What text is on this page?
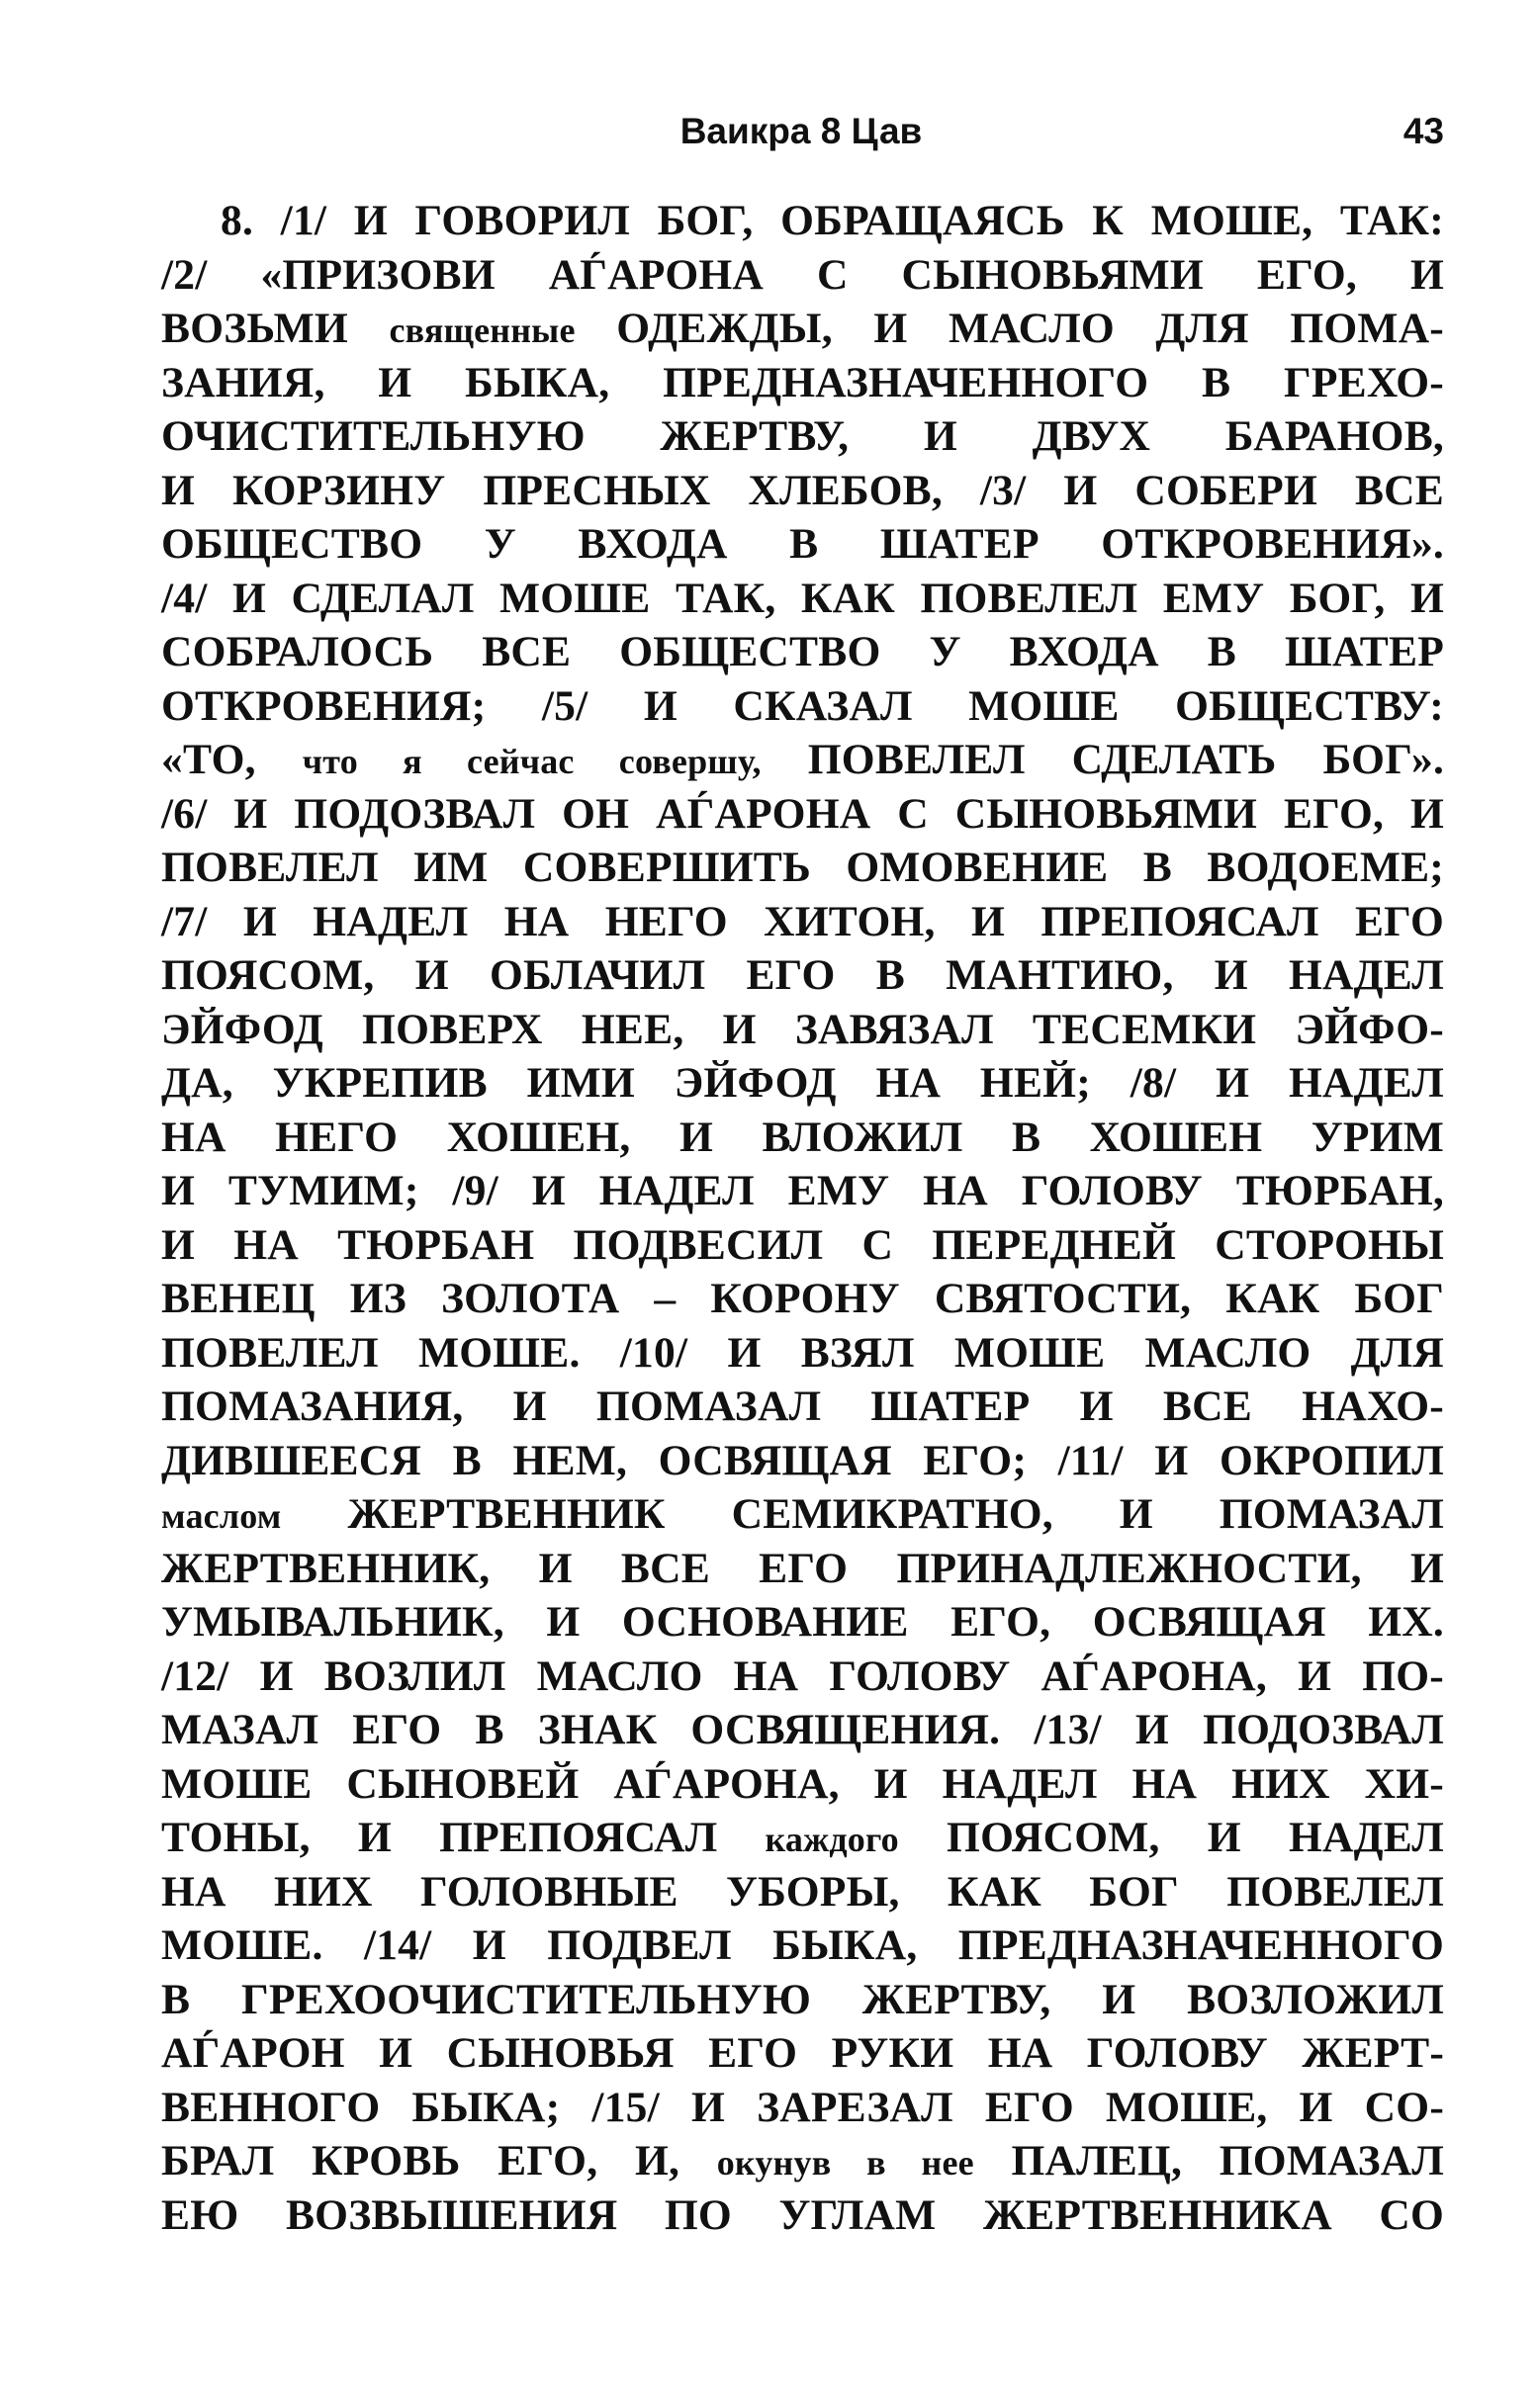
Ваикра 8 Цав	43
8. /1/ И ГОВОРИЛ БОГ, ОБРАЩАЯСЬ К МОШЕ, ТАК:
/2/ «ПРИЗОВИ АЃАРОНА С СЫНОВЬЯМИ ЕГО, И
ВОЗЬМИ священные ОДЕЖДЫ, И МАСЛО ДЛЯ ПОМА-
ЗАНИЯ, И БЫКА, ПРЕДНАЗНАЧЕННОГО В ГРЕХО-
ОЧИСТИТЕЛЬНУЮ ЖЕРТВУ, И ДВУХ БАРАНОВ,
И КОРЗИНУ ПРЕСНЫХ ХЛЕБОВ, /3/ И СОБЕРИ ВСЕ
ОБЩЕСТВО У ВХОДА В ШАТЕР ОТКРОВЕНИЯ».
/4/ И СДЕЛАЛ МОШЕ ТАК, КАК ПОВЕЛЕЛ ЕМУ БОГ, И
СОБРАЛОСЬ ВСЕ ОБЩЕСТВО У ВХОДА В ШАТЕР
ОТКРОВЕНИЯ; /5/ И СКАЗАЛ МОШЕ ОБЩЕСТВУ:
«ТО, что я сейчас совершу, ПОВЕЛЕЛ СДЕЛАТЬ БОГ».
/6/ И ПОДОЗВАЛ ОН АЃАРОНА С СЫНОВЬЯМИ ЕГО, И
ПОВЕЛЕЛ ИМ СОВЕРШИТЬ ОМОВЕНИЕ В ВОДОЕМЕ;
/7/ И НАДЕЛ НА НЕГО ХИТОН, И ПРЕПОЯСАЛ ЕГО
ПОЯСОМ, И ОБЛАЧИЛ ЕГО В МАНТИЮ, И НАДЕЛ
ЭЙФОД ПОВЕРХ НЕЕ, И ЗАВЯЗАЛ ТЕСЕМКИ ЭЙФО-
ДА, УКРЕПИВ ИМИ ЭЙФОД НА НЕЙ; /8/ И НАДЕЛ
НА НЕГО ХОШЕН, И ВЛОЖИЛ В ХОШЕН УРИМ
И ТУМИМ; /9/ И НАДЕЛ ЕМУ НА ГОЛОВУ ТЮРБАН,
И НА ТЮРБАН ПОДВЕСИЛ С ПЕРЕДНЕЙ СТОРОНЫ
ВЕНЕЦ ИЗ ЗОЛОТА – КОРОНУ СВЯТОСТИ, КАК БОГ
ПОВЕЛЕЛ МОШЕ. /10/ И ВЗЯЛ МОШЕ МАСЛО ДЛЯ
ПОМАЗАНИЯ, И ПОМАЗАЛ ШАТЕР И ВСЕ НАХО-
ДИВШЕЕСЯ В НЕМ, ОСВЯЩАЯ ЕГО; /11/ И ОКРОПИЛ
маслом ЖЕРТВЕННИК СЕМИКРАТНО, И ПОМАЗАЛ
ЖЕРТВЕННИК, И ВСЕ ЕГО ПРИНАДЛЕЖНОСТИ, И
УМЫВАЛЬНИК, И ОСНОВАНИЕ ЕГО, ОСВЯЩАЯ ИХ.
/12/ И ВОЗЛИЛ МАСЛО НА ГОЛОВУ АЃАРОНА, И ПО-
МАЗАЛ ЕГО В ЗНАК ОСВЯЩЕНИЯ. /13/ И ПОДОЗВАЛ
МОШЕ СЫНОВЕЙ АЃАРОНА, И НАДЕЛ НА НИХ ХИ-
ТОНЫ, И ПРЕПОЯСАЛ каждого ПОЯСОМ, И НАДЕЛ
НА НИХ ГОЛОВНЫЕ УБОРЫ, КАК БОГ ПОВЕЛЕЛ
МОШЕ. /14/ И ПОДВЕЛ БЫКА, ПРЕДНАЗНАЧЕННОГО
В ГРЕХООЧИСТИТЕЛЬНУЮ ЖЕРТВУ, И ВОЗЛОЖИЛ
АЃАРОН И СЫНОВЬЯ ЕГО РУКИ НА ГОЛОВУ ЖЕРТ-
ВЕННОГО БЫКА; /15/ И ЗАРЕЗАЛ ЕГО МОШЕ, И СО-
БРАЛ КРОВЬ ЕГО, И, окунув в нее ПАЛЕЦ, ПОМАЗАЛ
ЕЮ ВОЗВЫШЕНИЯ ПО УГЛАМ ЖЕРТВЕННИКА СО
